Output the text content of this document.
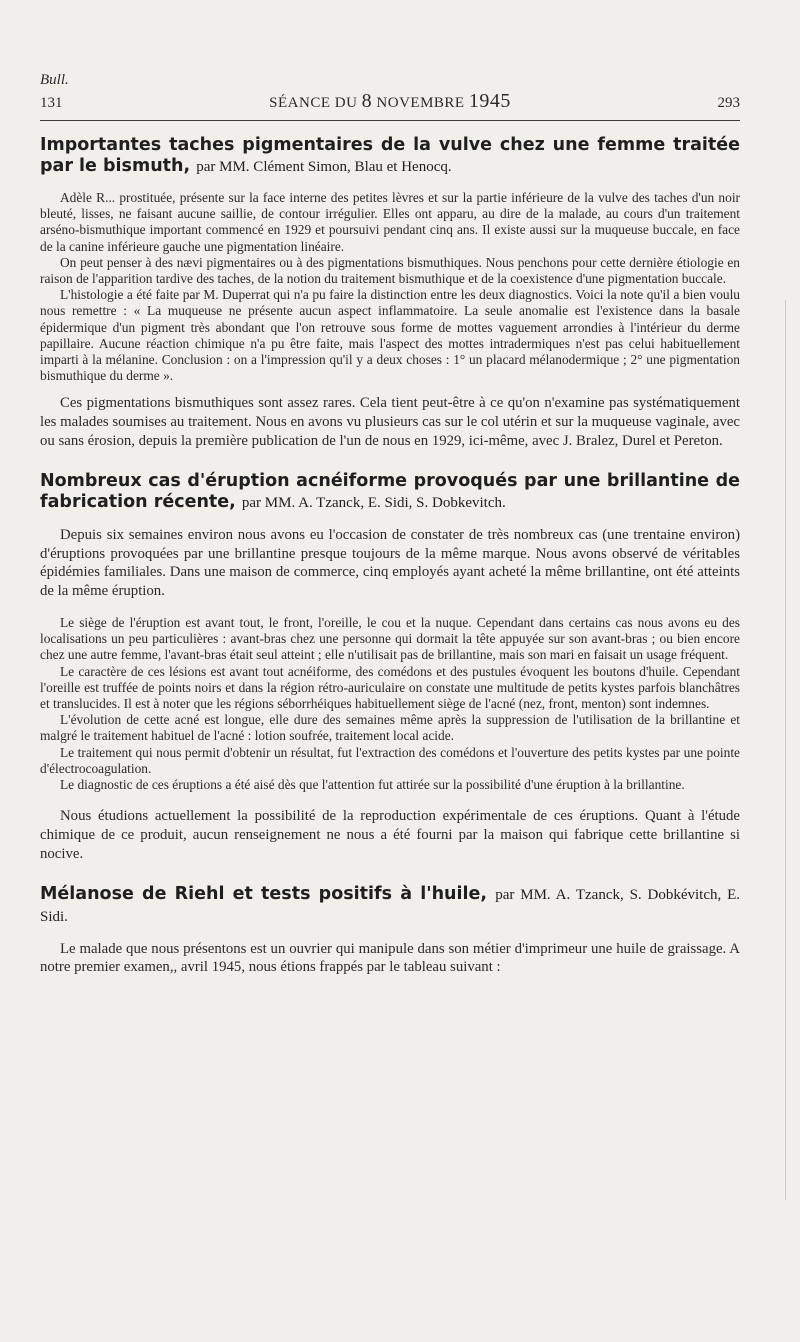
Bull.
131	SÉANCE DU 8 NOVEMBRE 1945	293
Importantes taches pigmentaires de la vulve chez une femme traitée par le bismuth, par MM. Clément Simon, Blau et Henocq.

Adèle R... prostituée, présente sur la face interne des petites lèvres et sur la partie inférieure de la vulve des taches d'un noir bleuté, lisses, ne faisant aucune saillie, de contour irrégulier. Elles ont apparu, au dire de la malade, au cours d'un traitement arséno-bismuthique important commencé en 1929 et poursuivi pendant cinq ans. Il existe aussi sur la muqueuse buccale, en face de la canine inférieure gauche une pigmentation linéaire.

On peut penser à des nævi pigmentaires ou à des pigmentations bismuthiques. Nous penchons pour cette dernière étiologie en raison de l'apparition tardive des taches, de la notion du traitement bismuthique et de la coexistence d'une pigmentation buccale.

L'histologie a été faite par M. Duperrat qui n'a pu faire la distinction entre les deux diagnostics. Voici la note qu'il a bien voulu nous remettre : « La muqueuse ne présente aucun aspect inflammatoire. La seule anomalie est l'existence dans la basale épidermique d'un pigment très abondant que l'on retrouve sous forme de mottes vaguement arrondies à l'intérieur du derme papillaire. Aucune réaction chimique n'a pu être faite, mais l'aspect des mottes intradermiques n'est pas celui habituellement imparti à la mélanine. Conclusion : on a l'impression qu'il y a deux choses : 1° un placard mélanodermique ; 2° une pigmentation bismuthique du derme ».

Ces pigmentations bismuthiques sont assez rares. Cela tient peut-être à ce qu'on n'examine pas systématiquement les malades soumises au traitement. Nous en avons vu plusieurs cas sur le col utérin et sur la muqueuse vaginale, avec ou sans érosion, depuis la première publication de l'un de nous en 1929, ici-même, avec J. Bralez, Durel et Pereton.

Nombreux cas d'éruption acnéiforme provoqués par une brillantine de fabrication récente, par MM. A. Tzanck, E. Sidi, S. Dobkevitch.

Depuis six semaines environ nous avons eu l'occasion de constater de très nombreux cas (une trentaine environ) d'éruptions provoquées par une brillantine presque toujours de la même marque. Nous avons observé de véritables épidémies familiales. Dans une maison de commerce, cinq employés ayant acheté la même brillantine, ont été atteints de la même éruption.

Le siège de l'éruption est avant tout, le front, l'oreille, le cou et la nuque. Cependant dans certains cas nous avons eu des localisations un peu particulières : avant-bras chez une personne qui dormait la tête appuyée sur son avant-bras ; ou bien encore chez une autre femme, l'avant-bras était seul atteint ; elle n'utilisait pas de brillantine, mais son mari en faisait un usage fréquent.

Le caractère de ces lésions est avant tout acnéiforme, des comédons et des pustules évoquent les boutons d'huile. Cependant l'oreille est truffée de points noirs et dans la région rétro-auriculaire on constate une multitude de petits kystes parfois blanchâtres et translucides. Il est à noter que les régions séborrhéiques habituellement siège de l'acné (nez, front, menton) sont indemnes.

L'évolution de cette acné est longue, elle dure des semaines même après la suppression de l'utilisation de la brillantine et malgré le traitement habituel de l'acné : lotion soufrée, traitement local acide.

Le traitement qui nous permit d'obtenir un résultat, fut l'extraction des comédons et l'ouverture des petits kystes par une pointe d'électrocoagulation.

Le diagnostic de ces éruptions a été aisé dès que l'attention fut attirée sur la possibilité d'une éruption à la brillantine.

Nous étudions actuellement la possibilité de la reproduction expérimentale de ces éruptions. Quant à l'étude chimique de ce produit, aucun renseignement ne nous a été fourni par la maison qui fabrique cette brillantine si nocive.

Mélanose de Riehl et tests positifs à l'huile, par MM. A. Tzanck, S. Dobkévitch, E. Sidi.

Le malade que nous présentons est un ouvrier qui manipule dans son métier d'imprimeur une huile de graissage. A notre premier examen,, avril 1945, nous étions frappés par le tableau suivant :
